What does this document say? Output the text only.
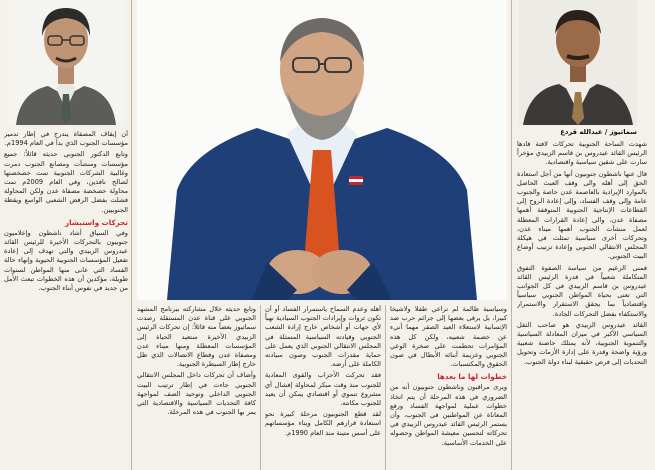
سماتيوز / عبدالله قردع

شهدت الساحة الجنوبية تحركات لافتة قادها الرئيس القائد عيدروس بن قاسم الزبيدي مؤخراً سارت على شقين سياسية واقتصادية.

قال عنها ناشطون جنوبيون أنها من أجل استعادة الحق إلى أهله والى وقف العبث الحاصل بالموارد الإيرادية بالعاصمة عدن خاصة والجنوب عامة وإلى وقف الفساد، وإلى إعادة الروح إلى القطاعات الإنتاجية الجنوبية المتوقفة أهمها مصفاة عدن، والى إعادة القرارات المعطلة لعمل منشآت الجنوب أهمها ميناء عدن، وتحركات أخرى سياسية تمثلت في هيكلة المجلس الانتقالي الجنوبي وإعادة ترتيب أوضاع البيت الجنوبي.

فمنى الزعيم من سياسة الصفوة التفوق المتكاملة شعبياً في قدرة الرئيس القائد عيدروس بن قاسم الزبيدي في كل الجوانب التي تعنى بحياة المواطن الجنوبي سياسياً واقتصادياً بما يحقق الاستقرار والاستمرار والاستكفاء بفضل التحركات الجادة.

القائد عيدروس الزبيدي هو صاحب الثقل السياسي الأكبر في ميزان المعادلة السياسية والتنموية الجنوبية، لأنه يمتلك حاضنة شعبية ورؤية واضحة وقدرة على إدارة الأزمات وتحويل التحديات إلى فرص حقيقية لبناء دولة الجنوب.

وسياسية ظالمة لم تراعي طفلا ولاشيخا كبيرا، بل يرقى بعضها إلى جرائم حرب ضد الإنسانية لاستعلاء العيد الصقر مهما أنيء عن خصمة شعبيه، ولكن كل هذه المؤامرات تحطمت على صخرة الوعي الجنوبي وعزيمة أبنائه الأبطال في صون الحقوق والمكتسبات.

خطوات لها ما بعدها

ويرى مراقبون وناشطون جنوبيون أنه من الضروري في هذه المرحلة أن يتم اتخاذ خطوات عملية لمواجهة الفساد ورفع المعاناة عن المواطنين في الجنوب، وأن يستمر الرئيس القائد عيدروس الزبيدي في تحركاته لتحسين معيشة المواطن وحصوله على الخدمات الأساسية.

أهله وعدم السماح باستمرار الفساد أو أن تكون ثروات وإيرادات الجنوب السيادية نهباً لأي جهات أو أشخاص خارج إرادة الشعب الجنوبي وقيادته السياسية المتمثلة في المجلس الانتقالي الجنوبي الذي يعمل على حماية مقدرات الجنوب وصون سيادته الكاملة على أرضه.

فقد تحركت الأحزاب والقوى المعادية للجنوب منذ وقت مبكر لمحاولة إفشال أي مشروع تنموي أو اقتصادي يمكن أن يعيد للجنوب مكانته.

لقد قطع الجنوبيون مرحلة كبيرة نحو استعادة قرارهم الكامل وبناء مؤسساتهم على أسس متينة منذ العام 1990م.

وتابع حديثه خلال مشاركته ببرنامج المشهد الجنوبي على قناة عدن المستقلة رصدت سماتيوز بعضاً منه قائلاً: إن تحركات الرئيس الزبيدي الأخيرة ستعيد الحياة إلى المؤسسات المعطلة ومنها ميناء عدن ومصفاة عدن وقطاع الاتصالات الذي ظل خارج إطار السيطرة الجنوبية.

وأضاف أن تحركات داخل المجلس الانتقالي الجنوبي جاءت في إطار ترتيب البيت الجنوبي الداخلي وتوحيد الصف لمواجهة كافة التحديات السياسية والاقتصادية التي يمر بها الجنوب في هذه المرحلة.

أن إيقاف المصفاة يندرج في إطار تدمير مؤسسات الجنوب الذي بدأ في العام 1994م.

وتابع الدكتور الجنوبي حديثه قائلاً: جميع مؤسسات ومنشآت ومصانع الجنوب دمرت وغالبية الشركات الجنوبية تمت خصخصتها لصالح نافذين، وفي العام 2009م تمت محاولة خصخصة مصفاة عدن ولكن المحاولة فشلت بفضل الرفض الشعبي الواسع ويقظة الجنوبيين.

تحركات واستبشار

وفي السياق أشاد ناشطون وإعلاميون جنوبيون بالتحركات الأخيرة للرئيس القائد عيدروس الزبيدي والتي تهدف إلى إعادة تفعيل المؤسسات الجنوبية الحيوية وإنهاء حالة الفساد التي عانى منها المواطن لسنوات طويلة، مؤكدين أن هذه الخطوات تبعث الأمل من جديد في نفوس أبناء الجنوب.
